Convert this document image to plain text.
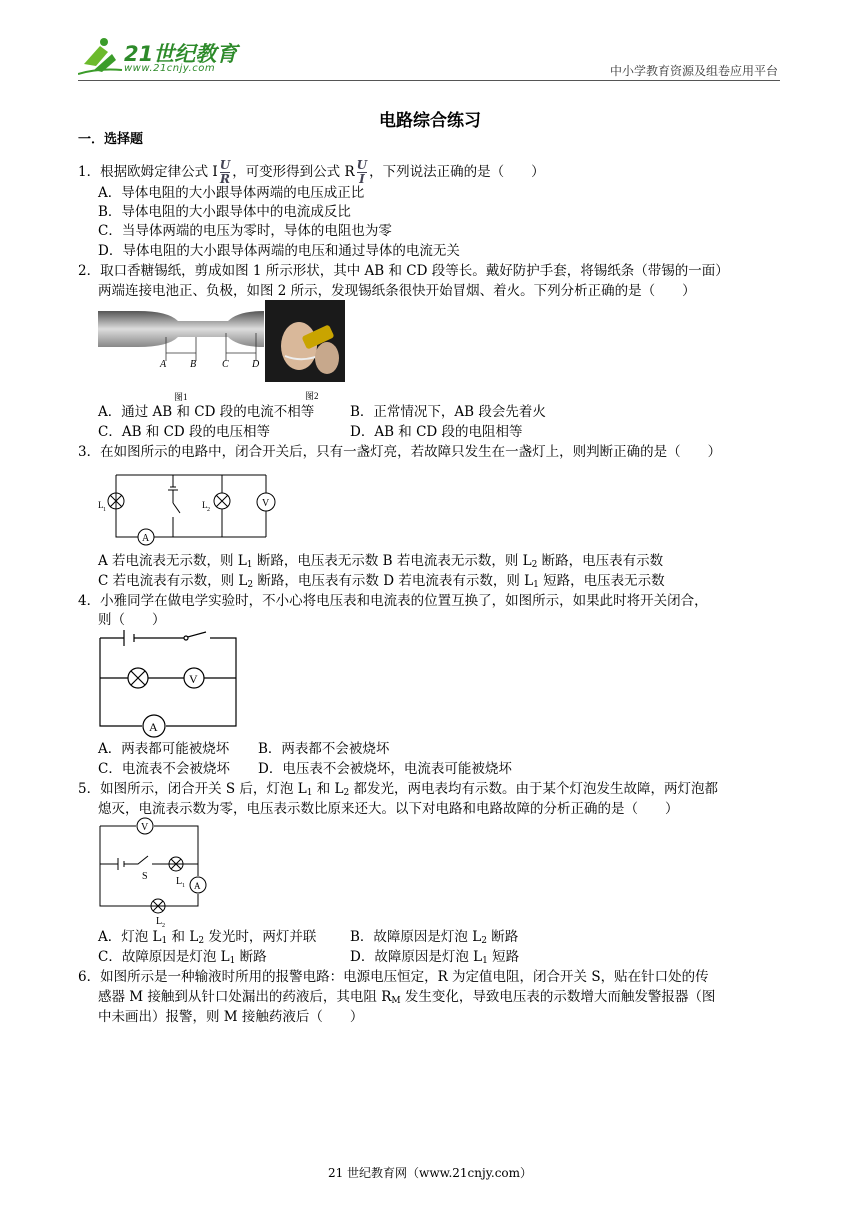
21世纪教育
www.21cnjy.com	中小学教育资源及组卷应用平台
电路综合练习
一．选择题
1．根据欧姆定律公式 I $\frac{U}{R}$ ，可变形得到公式 R $\frac{U}{I}$ ，下列说法正确的是（　　）
A．导体电阻的大小跟导体两端的电压成正比
B．导体电阻的大小跟导体中的电流成反比
C．当导体两端的电压为零时，导体的电阻也为零
D．导体电阻的大小跟导体两端的电压和通过导体的电流无关
2．取口香糖锡纸，剪成如图 1 所示形状，其中 AB 和 CD 段等长。戴好防护手套，将锡纸条（带锡的一面）
两端连接电池正、负极，如图 2 所示，发现锡纸条很快开始冒烟、着火。下列分析正确的是（　　）
A B	C D
图1	图2
A．通过 AB 和 CD 段的电流不相等	B．正常情况下，AB 段会先着火
C．AB 和 CD 段的电压相等	D．AB 和 CD 段的电阻相等
3．在如图所示的电路中，闭合开关后，只有一盏灯亮，若故障只发生在一盏灯上，则判断正确的是（　　）
L 1	L 2
V
A
A 若电流表无示数，则 $L_1$ 断路，电压表无示数 B 若电流表无示数，则 $L_2$ 断路，电压表有示数
C 若电流表有示数，则 $L_2$ 断路，电压表有示数 D 若电流表有示数，则 $L_1$ 短路，电压表无示数
4．小雅同学在做电学实验时，不小心将电压表和电流表的位置互换了，如图所示，如果此时将开关闭合，
则（　　）
V
A
A．两表都可能被烧坏 B．两表都不会被烧坏
C．电流表不会被烧坏 D．电压表不会被烧坏，电流表可能被烧坏
5．如图所示，闭合开关 S 后，灯泡 $L_1$ 和 $L_2$ 都发光，两电表均有示数。由于某个灯泡发生故障，两灯泡都
熄灭，电流表示数为零，电压表示数比原来还大。以下对电路和电路故障的分析正确的是（　　）
V
S	L 1 A
L 2
A．灯泡 $L_1$ 和 $L_2$ 发光时，两灯并联 B．故障原因是灯泡 $L_2$ 断路
C．故障原因是灯泡 $L_1$ 断路	D．故障原因是灯泡 $L_1$ 短路
6．如图所示是一种输液时所用的报警电路：电源电压恒定，R 为定值电阻，闭合开关 S，贴在针口处的传
感器 M 接触到从针口处漏出的药液后，其电阻 $R_M$ 发生变化，导致电压表的示数增大而触发警报器（图
中未画出）报警，则 M 接触药液后（　　）
21 世纪教育网（www.21cnjy.com）
